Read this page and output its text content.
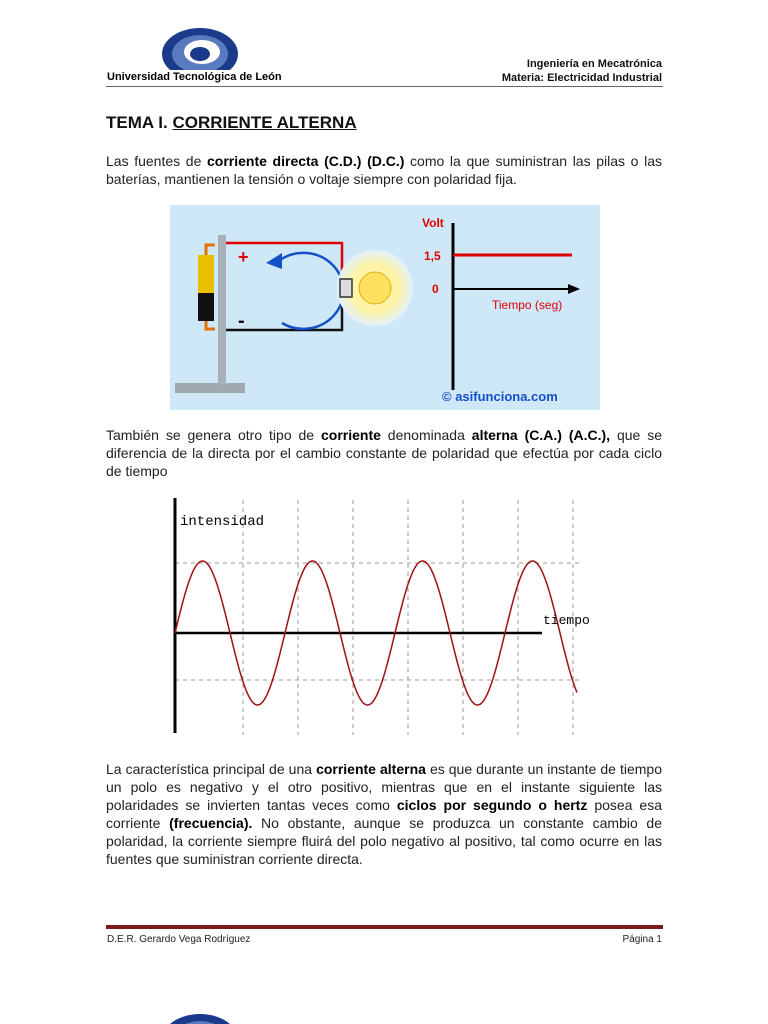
Universidad Tecnológica de León
Ingeniería en Mecatrónica
Materia: Electricidad Industrial
TEMA I. CORRIENTE ALTERNA
Las fuentes de corriente directa (C.D.) (D.C.) como la que suministran las pilas o las baterías, mantienen la tensión o voltaje siempre con polaridad fija.
+
-
Volt
1,5
0
Tiempo (seg)
© asifunciona.com
También se genera otro tipo de corriente denominada alterna (C.A.) (A.C.), que se diferencia de la directa por el cambio constante de polaridad que efectúa por cada ciclo de tiempo
intensidad
tiempo
La característica principal de una corriente alterna es que durante un instante de tiempo un polo es negativo y el otro positivo, mientras que en el instante siguiente las polaridades se invierten tantas veces como ciclos por segundo o hertz posea esa corriente (frecuencia). No obstante, aunque se produzca un constante cambio de polaridad, la corriente siempre fluirá del polo negativo al positivo, tal como ocurre en las fuentes que suministran corriente directa.
D.E.R. Gerardo Vega Rodríguez	Página 1
